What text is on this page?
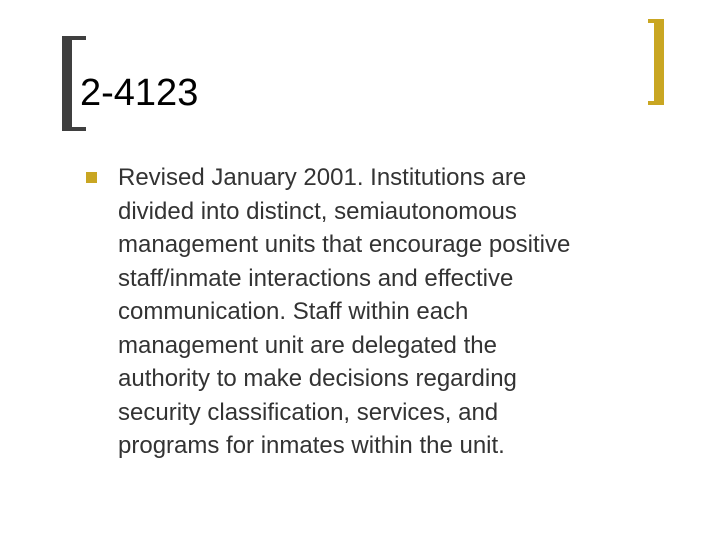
2-4123
Revised January 2001. Institutions are
divided into distinct, semiautonomous
management units that encourage positive
staff/inmate interactions and effective
communication. Staff within each
management unit are delegated the
authority to make decisions regarding
security classification, services, and
programs for inmates within the unit.
